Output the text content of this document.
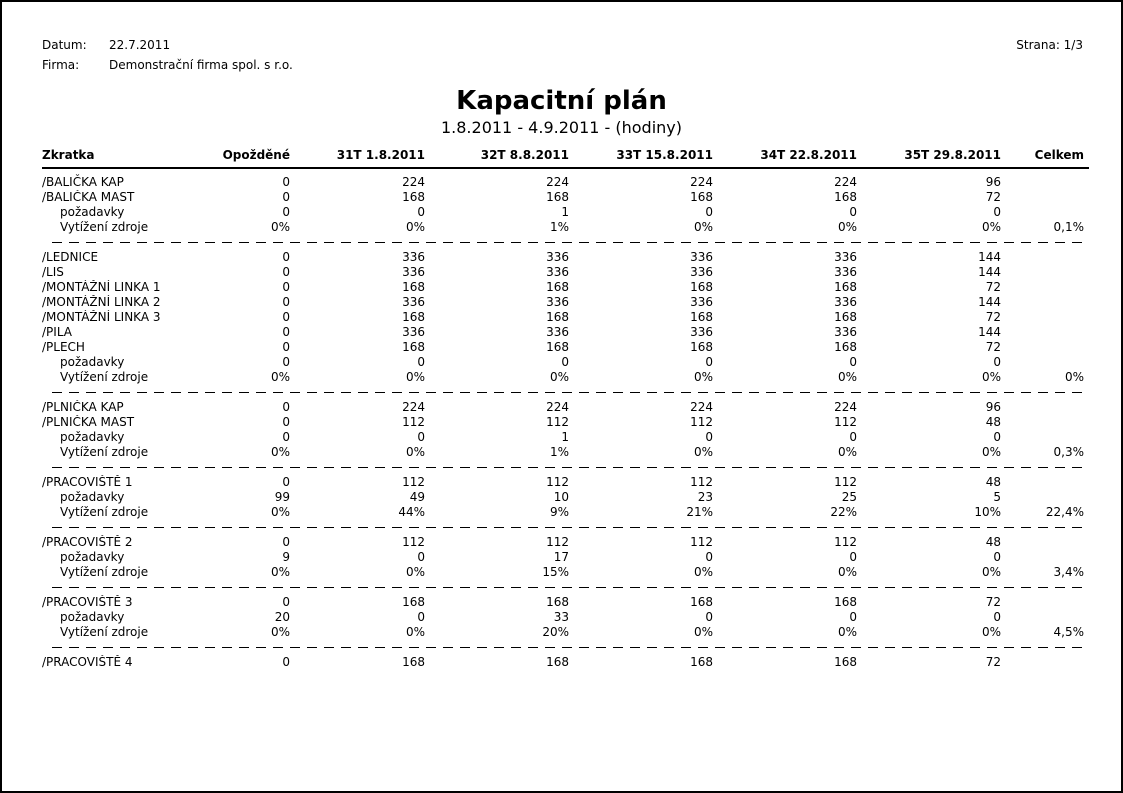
Datum:	22.7.2011
Firma:	Demonstrační firma spol. s r.o.
Strana: 1/3
Kapacitní plán
1.8.2011 - 4.9.2011 - (hodiny)
Zkratka	Opožděné	31T 1.8.2011	32T 8.8.2011	33T 15.8.2011	34T 22.8.2011	35T 29.8.2011	Celkem
/BALIČKA KAP	0	224	224	224	224	96	
/BALIČKA MAST	0	168	168	168	168	72	
požadavky	0	0	1	0	0	0	
Vytížení zdroje	0%	0%	1%	0%	0%	0%	0,1%

/LEDNICE	0	336	336	336	336	144	
/LIS	0	336	336	336	336	144	
/MONTÁŽNÍ LINKA 1	0	168	168	168	168	72	
/MONTÁŽNÍ LINKA 2	0	336	336	336	336	144	
/MONTÁŽNÍ LINKA 3	0	168	168	168	168	72	
/PILA	0	336	336	336	336	144	
/PLECH	0	168	168	168	168	72	
požadavky	0	0	0	0	0	0	
Vytížení zdroje	0%	0%	0%	0%	0%	0%	0%

/PLNIČKA KAP	0	224	224	224	224	96	
/PLNIČKA MAST	0	112	112	112	112	48	
požadavky	0	0	1	0	0	0	
Vytížení zdroje	0%	0%	1%	0%	0%	0%	0,3%

/PRACOVIŠTĚ 1	0	112	112	112	112	48	
požadavky	99	49	10	23	25	5	
Vytížení zdroje	0%	44%	9%	21%	22%	10%	22,4%

/PRACOVIŠTĚ 2	0	112	112	112	112	48	
požadavky	9	0	17	0	0	0	
Vytížení zdroje	0%	0%	15%	0%	0%	0%	3,4%

/PRACOVIŠTĚ 3	0	168	168	168	168	72	
požadavky	20	0	33	0	0	0	
Vytížení zdroje	0%	0%	20%	0%	0%	0%	4,5%

/PRACOVIŠTĚ 4	0	168	168	168	168	72	
